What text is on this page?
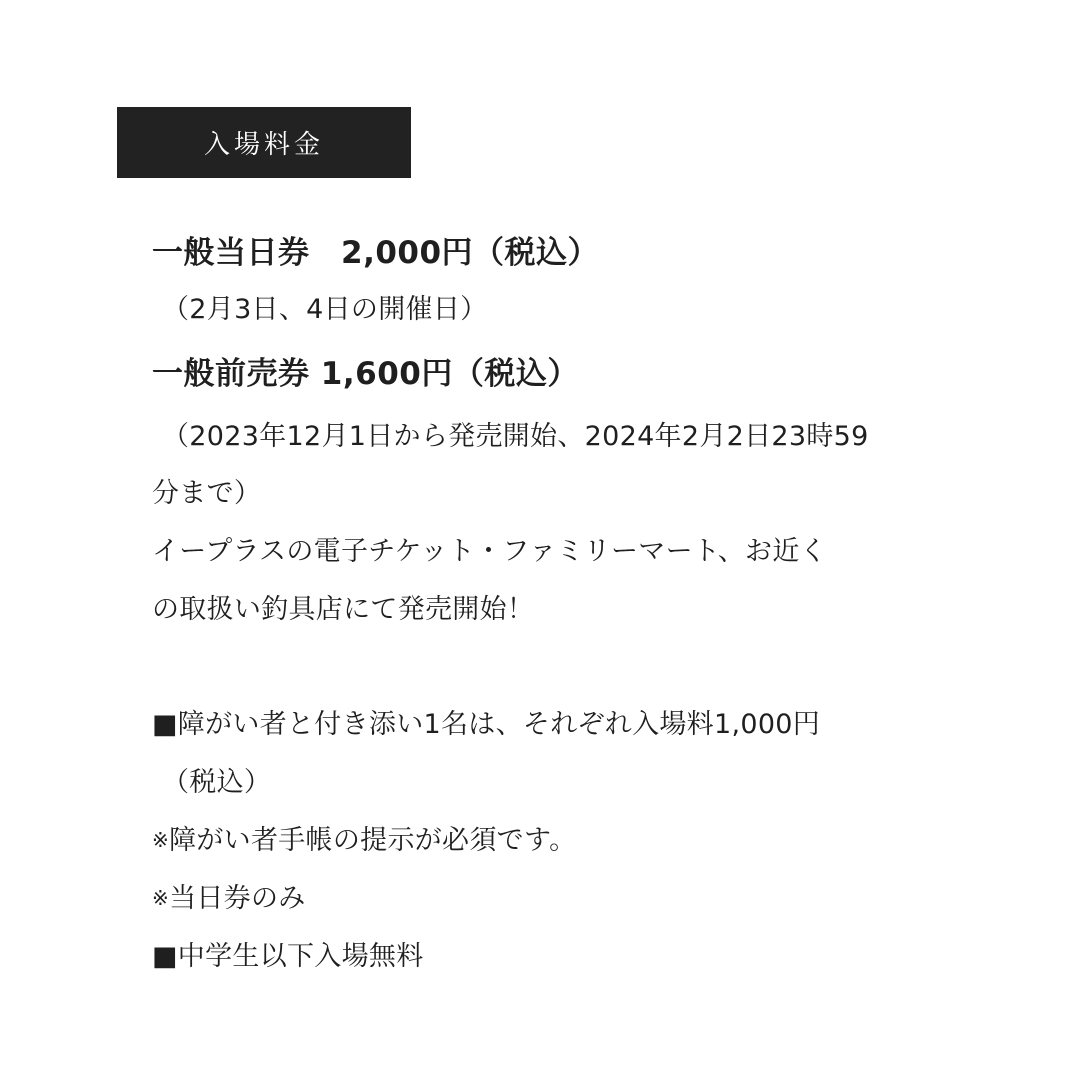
入場料金
一般当日券　2,000円（税込）
（2月3日、4日の開催日）
一般前売券 1,600円（税込）
（2023年12月1日から発売開始、2024年2月2日23時59
分まで）
イープラスの電子チケット・ファミリーマート、お近く
の取扱い釣具店にて発売開始！
■障がい者と付き添い1名は、それぞれ入場料1,000円
（税込）
※障がい者手帳の提示が必須です。
※当日券のみ
■中学生以下入場無料
